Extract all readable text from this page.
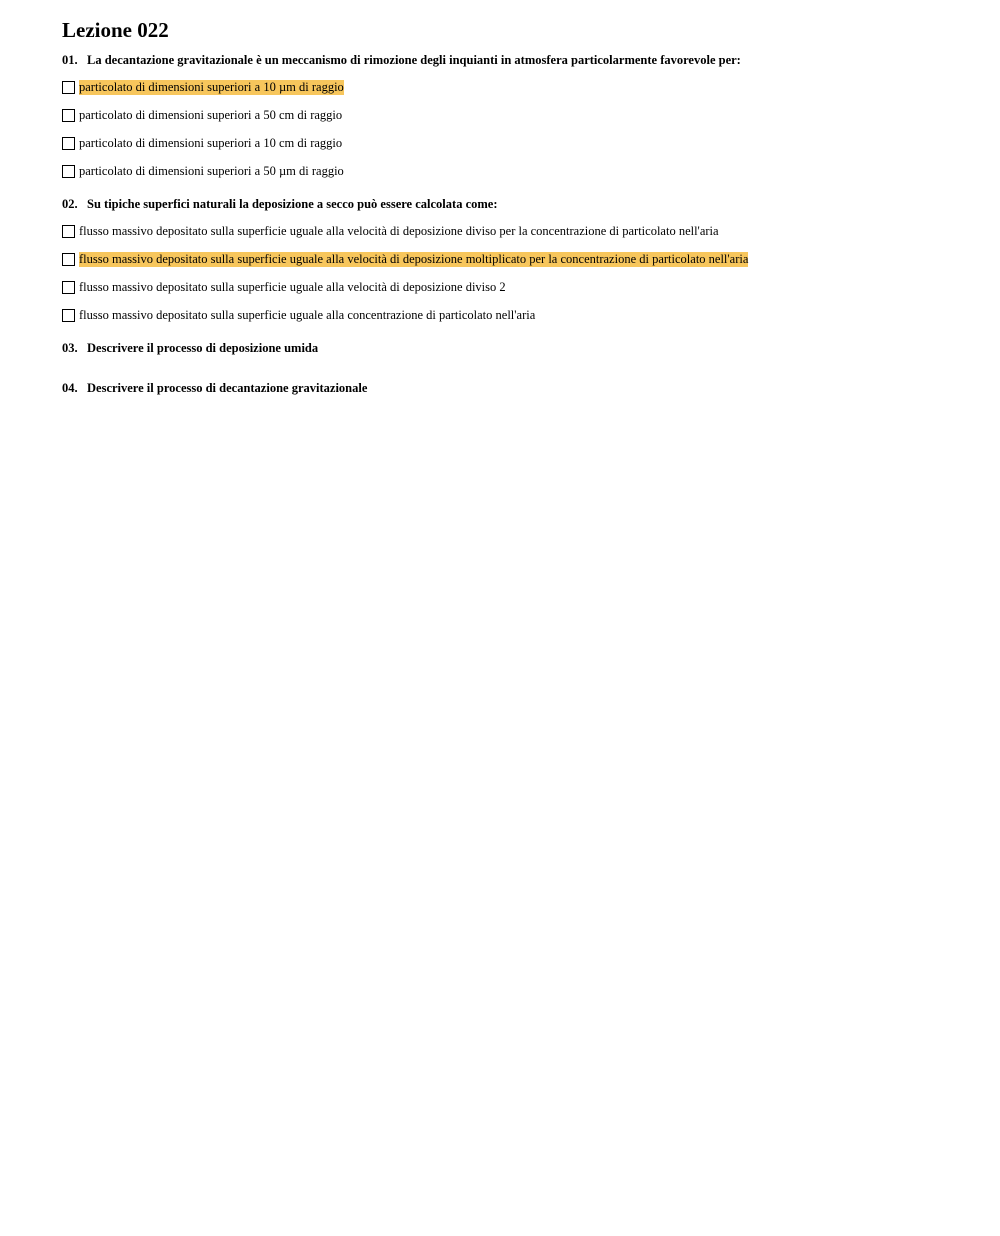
Lezione 022
01. La decantazione gravitazionale è un meccanismo di rimozione degli inquianti in atmosfera particolarmente favorevole per:
particolato di dimensioni superiori a 10 µm di raggio
particolato di dimensioni superiori a 50 cm di raggio
particolato di dimensioni superiori a 10 cm di raggio
particolato di dimensioni superiori a 50 µm di raggio
02. Su tipiche superfici naturali la deposizione a secco può essere calcolata come:
flusso massivo depositato sulla superficie uguale alla velocità di deposizione diviso per la concentrazione di particolato nell'aria
flusso massivo depositato sulla superficie uguale alla velocità di deposizione moltiplicato per la concentrazione di particolato nell'aria
flusso massivo depositato sulla superficie uguale alla velocità di deposizione diviso 2
flusso massivo depositato sulla superficie uguale alla concentrazione di particolato nell'aria
03. Descrivere il processo di deposizione umida
04. Descrivere il processo di decantazione gravitazionale
